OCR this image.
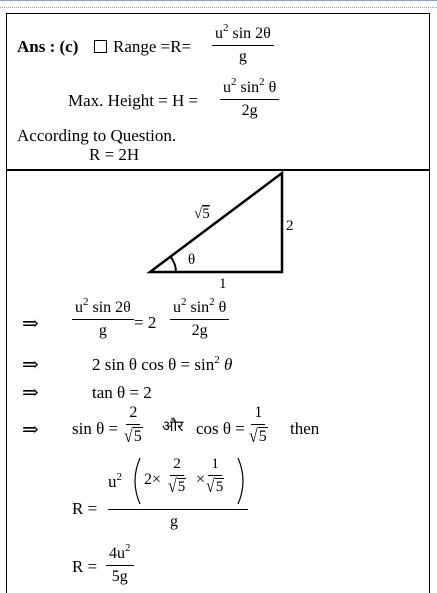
Ans : (c) Range $=R= \frac{u^2 \sin 2\theta}{g}$
Max. Height = $H = \frac{u^2 \sin^2 \theta}{2g}$
According to Question.
R = 2H
√5
2
θ
1
⇒ $\frac{u^2 \sin 2\theta}{g} = 2 \frac{u^2 \sin^2 \theta}{2g}$
⇒	2 sin θ $\cos \theta = \sin^2 \theta$
⇒	tan θ = 2
⇒ $\sin \theta = \frac{2}{√5}$ और $\cos \theta = \frac{1}{√5}$ then
R =
$u^2$ $2\times \frac{2}{√5} \times \frac{1}{√5}$
g
$R = \frac{4u^2}{5g}$
